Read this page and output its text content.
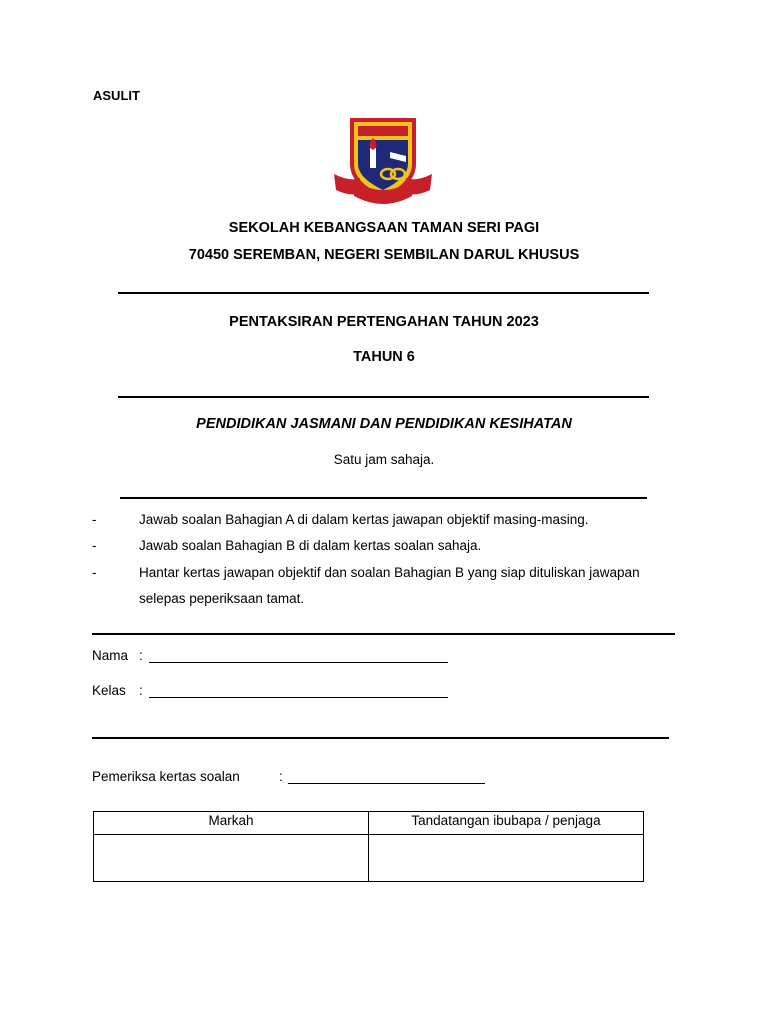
ASULIT
SEKOLAH KEBANGSAAN TAMAN SERI PAGI
70450 SEREMBAN, NEGERI SEMBILAN DARUL KHUSUS
PENTAKSIRAN PERTENGAHAN TAHUN 2023
TAHUN 6
PENDIDIKAN JASMANI DAN PENDIDIKAN KESIHATAN
Satu jam sahaja.
-	Jawab soalan Bahagian A di dalam kertas jawapan objektif masing-masing.
-	Jawab soalan Bahagian B di dalam kertas soalan sahaja.
-	Hantar kertas jawapan objektif dan soalan Bahagian B yang siap dituliskan jawapan
selepas peperiksaan tamat.
Nama :
Kelas :
Pemeriksa kertas soalan	:
Markah	Tandatangan ibubapa / penjaga
